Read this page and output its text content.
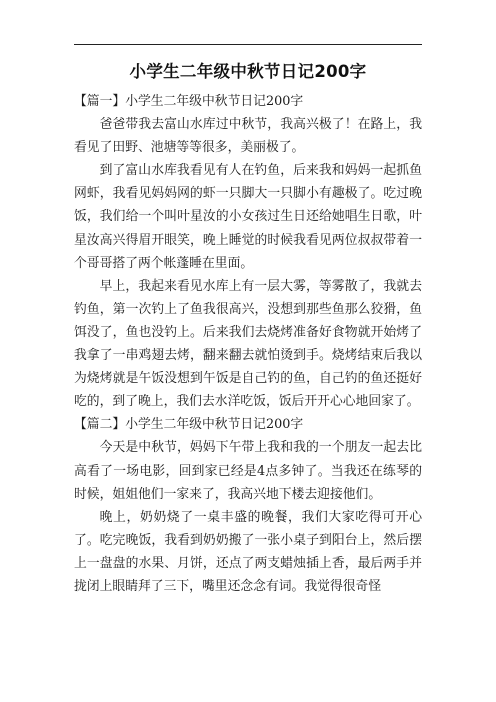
小学生二年级中秋节日记200字

【篇一】小学生二年级中秋节日记200字

爸爸带我去富山水库过中秋节，我高兴极了！在路上，我看见了田野、池塘等等很多，美丽极了。

到了富山水库我看见有人在钓鱼，后来我和妈妈一起抓鱼网虾，我看见妈妈网的虾一只脚大一只脚小有趣极了。吃过晚饭，我们给一个叫叶星汝的小女孩过生日还给她唱生日歌，叶星汝高兴得眉开眼笑，晚上睡觉的时候我看见两位叔叔带着一个哥哥搭了两个帐蓬睡在里面。

早上，我起来看见水库上有一层大雾，等雾散了，我就去钓鱼，第一次钓上了鱼我很高兴，没想到那些鱼那么狡猾，鱼饵没了，鱼也没钓上。后来我们去烧烤准备好食物就开始烤了我拿了一串鸡翅去烤，翻来翻去就怕烫到手。烧烤结束后我以为烧烤就是午饭没想到午饭是自己钓的鱼，自己钓的鱼还挺好吃的，到了晚上，我们去水洋吃饭，饭后开开心心地回家了。

【篇二】小学生二年级中秋节日记200字

今天是中秋节，妈妈下午带上我和我的一个朋友一起去比高看了一场电影，回到家已经是4点多钟了。当我还在练琴的时候，姐姐他们一家来了，我高兴地下楼去迎接他们。

晚上，奶奶烧了一桌丰盛的晚餐，我们大家吃得可开心了。吃完晚饭，我看到奶奶搬了一张小桌子到阳台上，然后摆上一盘盘的水果、月饼，还点了两支蜡烛插上香，最后两手并拢闭上眼睛拜了三下，嘴里还念念有词。我觉得很奇怪
